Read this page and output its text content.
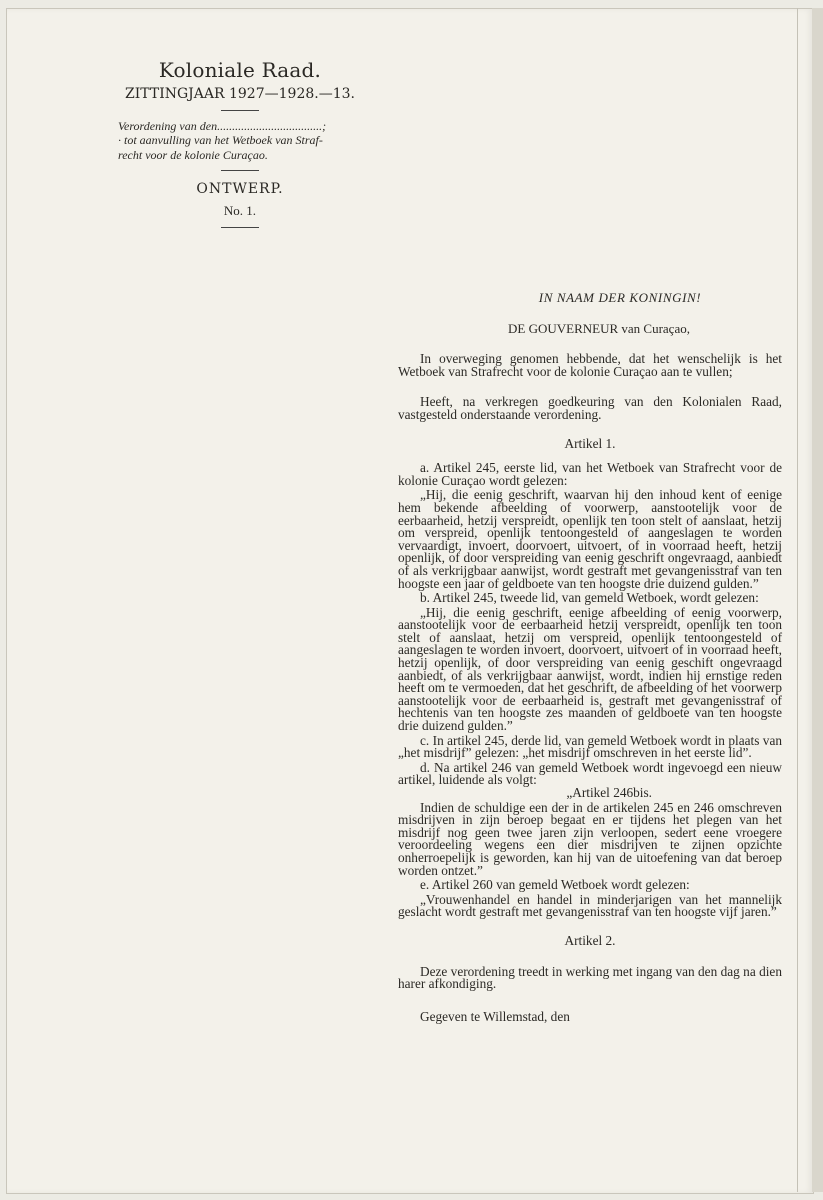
Koloniale Raad.
ZITTINGJAAR 1927—1928.—13.
Verordening van den...................................;
· tot aanvulling van het Wetboek van Straf-
recht voor de kolonie Curaçao.
ONTWERP.
No. 1.
IN NAAM DER KONINGIN!
DE GOUVERNEUR van Curaçao,
In overweging genomen hebbende, dat het wenschelijk is het Wetboek van Strafrecht voor de kolonie Curaçao aan te vullen;
Heeft, na verkregen goedkeuring van den Kolonialen Raad, vastgesteld onderstaande verordening.
Artikel 1.
a. Artikel 245, eerste lid, van het Wetboek van Strafrecht voor de kolonie Curaçao wordt gelezen:
„Hij, die eenig geschrift, waarvan hij den inhoud kent of eenige hem bekende afbeelding of voorwerp, aanstootelijk voor de eerbaarheid, hetzij verspreidt, openlijk ten toon stelt of aanslaat, hetzij om verspreid, openlijk tentoongesteld of aangeslagen te worden vervaardigt, invoert, doorvoert, uitvoert, of in voorraad heeft, hetzij openlijk, of door verspreiding van eenig geschrift ongevraagd, aanbiedt of als verkrijgbaar aanwijst, wordt gestraft met gevangenisstraf van ten hoogste een jaar of geldboete van ten hoogste drie duizend gulden.”
b. Artikel 245, tweede lid, van gemeld Wetboek, wordt gelezen:
„Hij, die eenig geschrift, eenige afbeelding of eenig voorwerp, aanstootelijk voor de eerbaarheid hetzij verspreidt, openlijk ten toon stelt of aanslaat, hetzij om verspreid, openlijk tentoongesteld of aangeslagen te worden invoert, doorvoert, uitvoert of in voorraad heeft, hetzij openlijk, of door verspreiding van eenig geschift ongevraagd aanbiedt, of als verkrijgbaar aanwijst, wordt, indien hij ernstige reden heeft om te vermoeden, dat het geschrift, de afbeelding of het voorwerp aanstootelijk voor de eerbaarheid is, gestraft met gevangenisstraf of hechtenis van ten hoogste zes maanden of geldboete van ten hoogste drie duizend gulden.”
c. In artikel 245, derde lid, van gemeld Wetboek wordt in plaats van „het misdrijf” gelezen: „het misdrijf omschreven in het eerste lid”.
d. Na artikel 246 van gemeld Wetboek wordt ingevoegd een nieuw artikel, luidende als volgt:
„Artikel 246bis.
Indien de schuldige een der in de artikelen 245 en 246 omschreven misdrijven in zijn beroep begaat en er tijdens het plegen van het misdrijf nog geen twee jaren zijn verloopen, sedert eene vroegere veroordeeling wegens een dier misdrijven te zijnen opzichte onherroepelijk is geworden, kan hij van de uitoefening van dat beroep worden ontzet.”
e. Artikel 260 van gemeld Wetboek wordt gelezen:
„Vrouwenhandel en handel in minderjarigen van het mannelijk geslacht wordt gestraft met gevangenisstraf van ten hoogste vijf jaren.”
Artikel 2.
Deze verordening treedt in werking met ingang van den dag na dien harer afkondiging.
Gegeven te Willemstad, den
